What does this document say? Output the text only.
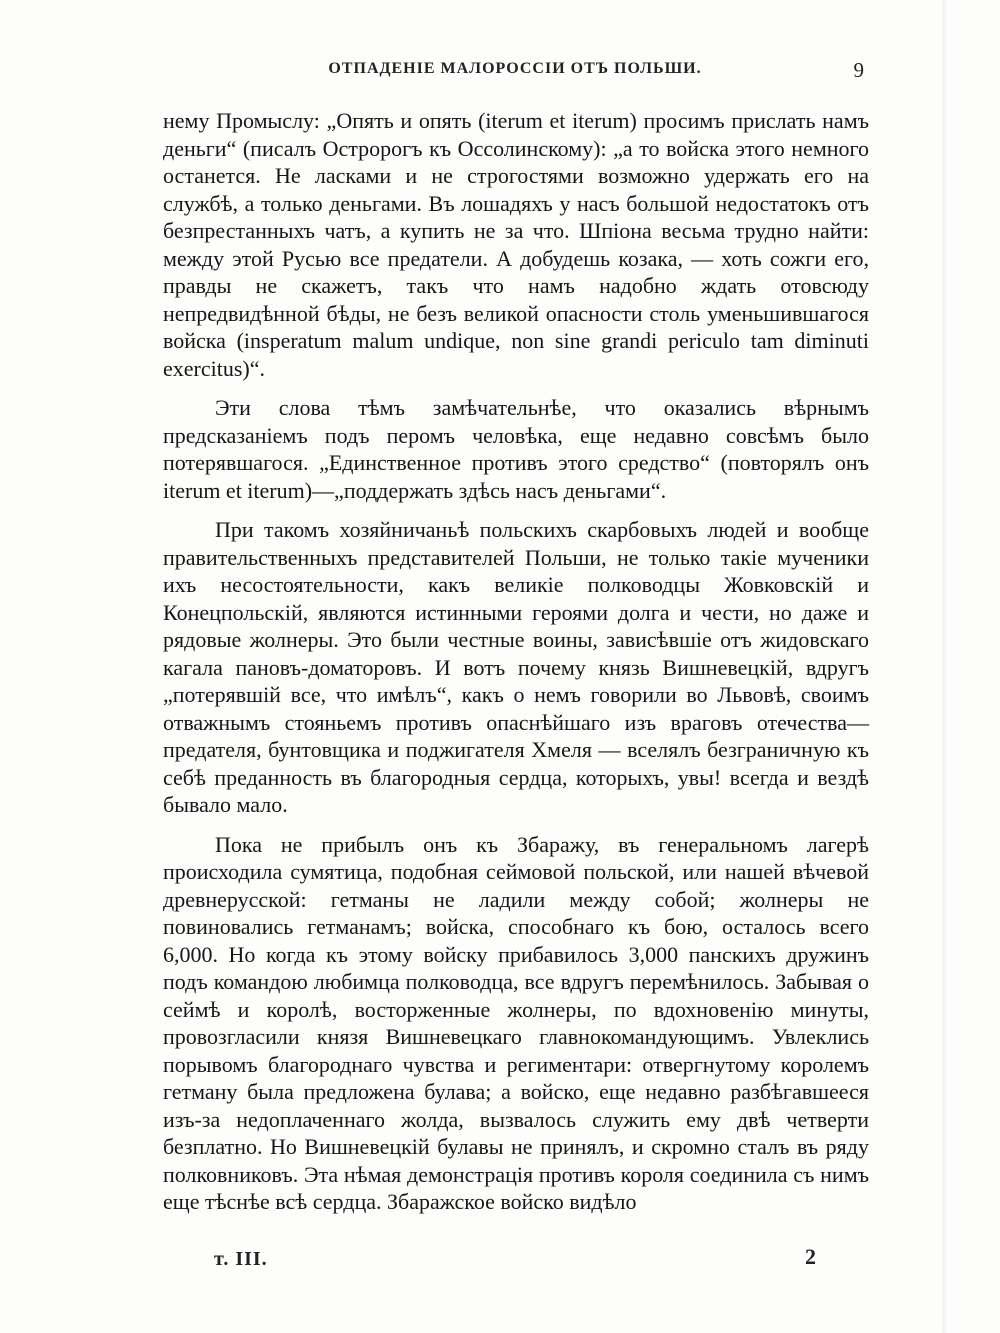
ОТПАДЕНІЕ МАЛОРОССІИ ОТЪ ПОЛЬШИ.	9

нему Промыслу: „Опять и опять (iterum et iterum) просимъ прислать намъ деньги“ (писалъ Остророгъ къ Оссолинскому): „а то войска этого немного останется. Не ласками и не строгостями возможно удержать его на службѣ, а только деньгами. Въ лошадяхъ у насъ большой недостатокъ отъ безпрестанныхъ чатъ, а купить не за что. Шпіона весьма трудно найти: между этой Русью все предатели. А добудешь козака, — хоть сожги его, правды не скажетъ, такъ что намъ надобно ждать отовсюду непредвидѣнной бѣды, не безъ великой опасности столь уменьшившагося войска (insperatum malum undique, non sine grandi periculo tam diminuti exercitus)“.

Эти слова тѣмъ замѣчательнѣе, что оказались вѣрнымъ предсказаніемъ подъ перомъ человѣка, еще недавно совсѣмъ было потерявшагося. „Единственное противъ этого средство“ (повторялъ онъ iterum et iterum)—„поддержать здѣсь насъ деньгами“.

При такомъ хозяйничаньѣ польскихъ скарбовыхъ людей и вообще правительственныхъ представителей Польши, не только такіе мученики ихъ несостоятельности, какъ великіе полководцы Жовковскій и Конецпольскій, являются истинными героями долга и чести, но даже и рядовые жолнеры. Это были честные воины, зависѣвшіе отъ жидовскаго кагала пановъ-доматоровъ. И вотъ почему князь Вишневецкій, вдругъ „потерявшій все, что имѣлъ“, какъ о немъ говорили во Львовѣ, своимъ отважнымъ стояньемъ противъ опаснѣйшаго изъ враговъ отечества—предателя, бунтовщика и поджигателя Хмеля — вселялъ безграничную къ себѣ преданность въ благородныя сердца, которыхъ, увы! всегда и вездѣ бывало мало.

Пока не прибылъ онъ къ Збаражу, въ генеральномъ лагерѣ происходила сумятица, подобная сеймовой польской, или нашей вѣчевой древнерусской: гетманы не ладили между собой; жолнеры не повиновались гетманамъ; войска, способнаго къ бою, осталось всего 6,000. Но когда къ этому войску прибавилось 3,000 панскихъ дружинъ подъ командою любимца полководца, все вдругъ перемѣнилось. Забывая о сеймѣ и королѣ, восторженные жолнеры, по вдохновенію минуты, провозгласили князя Вишневецкаго главнокомандующимъ. Увлеклись порывомъ благороднаго чувства и региментари: отвергнутому королемъ гетману была предложена булава; а войско, еще недавно разбѣгавшееся изъ-за недоплаченнаго жолда, вызвалось служить ему двѣ четверти безплатно. Но Вишневецкій булавы не принялъ, и скромно сталъ въ ряду полковниковъ. Эта нѣмая демонстрація противъ короля соединила съ нимъ еще тѣснѣе всѣ сердца. Збаражское войско видѣло

т. III.	2
